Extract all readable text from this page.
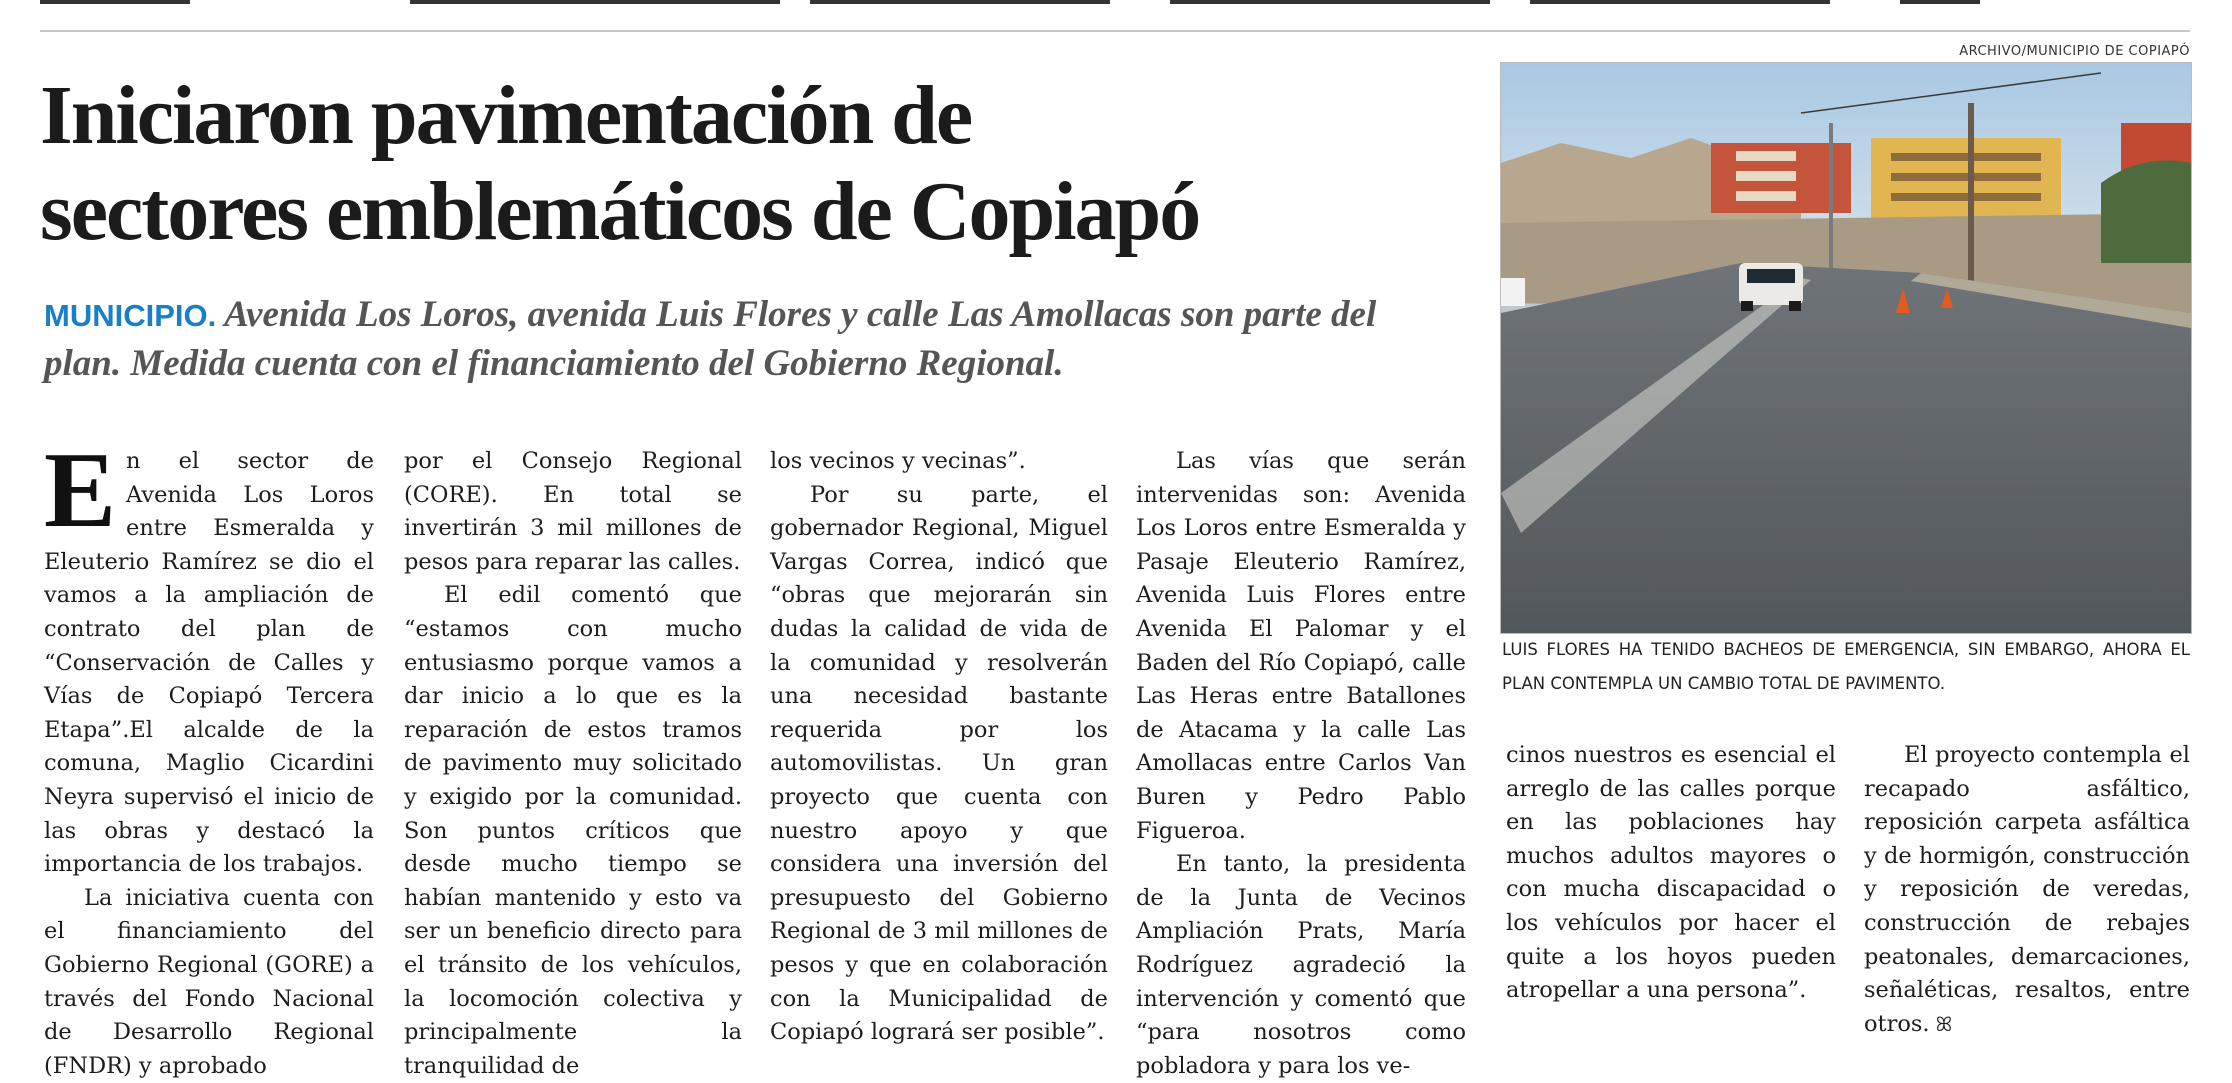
Iniciaron pavimentación de
sectores emblemáticos de Copiapó

MUNICIPIO. Avenida Los Loros, avenida Luis Flores y calle Las Amollacas son parte del plan. Medida cuenta con el financiamiento del Gobierno Regional.

E n el sector de Avenida Los Loros entre Esmeralda y Eleuterio Ramírez se dio el vamos a la ampliación de contrato del plan de “Conservación de Calles y Vías de Copiapó Tercera Etapa”.El alcalde de la comuna, Maglio Cicardini Neyra supervisó el inicio de las obras y destacó la importancia de los trabajos.

La iniciativa cuenta con el financiamiento del Gobierno Regional (GORE) a través del Fondo Nacional de Desarrollo Regional (FNDR) y aprobado

por el Consejo Regional (CORE). En total se invertirán 3 mil millones de pesos para reparar las calles.

El edil comentó que “estamos con mucho entusiasmo porque vamos a dar inicio a lo que es la reparación de estos tramos de pavimento muy solicitado y exigido por la comunidad. Son puntos críticos que desde mucho tiempo se habían mantenido y esto va ser un beneficio directo para el tránsito de los vehículos, la locomoción colectiva y principalmente la tranquilidad de

los vecinos y vecinas”.

Por su parte, el gobernador Regional, Miguel Vargas Correa, indicó que “obras que mejorarán sin dudas la calidad de vida de la comunidad y resolverán una necesidad bastante requerida por los automovilistas. Un gran proyecto que cuenta con nuestro apoyo y que considera una inversión del presupuesto del Gobierno Regional de 3 mil millones de pesos y que en colaboración con la Municipalidad de Copiapó logrará ser posible”.

Las vías que serán intervenidas son: Avenida Los Loros entre Esmeralda y Pasaje Eleuterio Ramírez, Avenida Luis Flores entre Avenida El Palomar y el Baden del Río Copiapó, calle Las Heras entre Batallones de Atacama y la calle Las Amollacas entre Carlos Van Buren y Pedro Pablo Figueroa.

En tanto, la presidenta de la Junta de Vecinos Ampliación Prats, María Rodríguez agradeció la intervención y comentó que “para nosotros como pobladora y para los ve-

cinos nuestros es esencial el arreglo de las calles porque en las poblaciones hay muchos adultos mayores o con mucha discapacidad o los vehículos por hacer el quite a los hoyos pueden atropellar a una persona”.

El proyecto contempla el recapado asfáltico, reposición carpeta asfáltica y de hormigón, construcción y reposición de veredas, construcción de rebajes peatonales, demarcaciones, señaléticas, resaltos, entre otros. ꕤ

ARCHIVO/MUNICIPIO DE COPIAPÓ
LUIS FLORES HA TENIDO BACHEOS DE EMERGENCIA, SIN EMBARGO, AHORA EL PLAN CONTEMPLA UN CAMBIO TOTAL DE PAVIMENTO.
